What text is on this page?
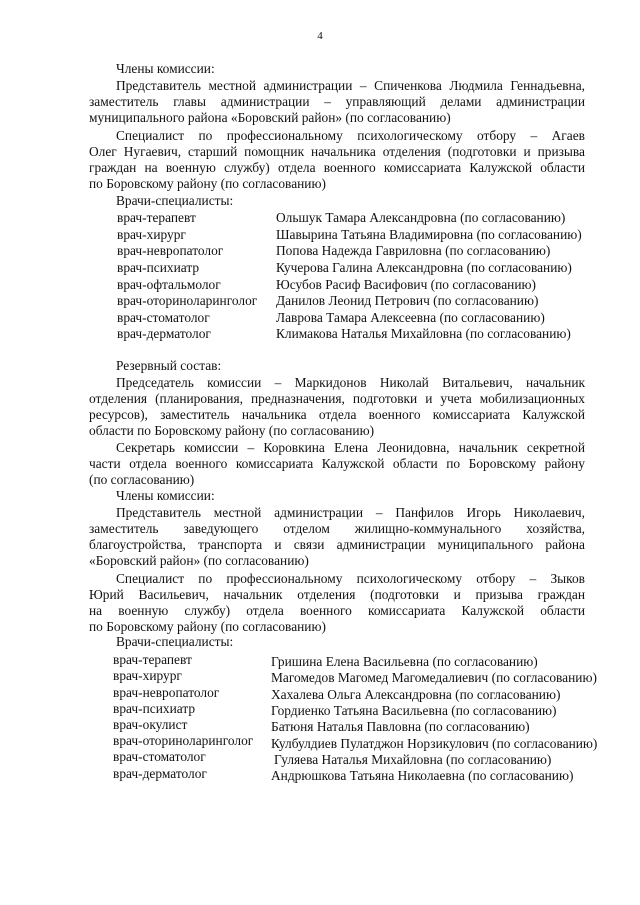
4
Члены комиссии:
Представитель местной администрации – Спиченкова Людмила Геннадьевна,
заместитель главы администрации – управляющий делами администрации
муниципального района «Боровский район» (по согласованию)
Специалист по профессиональному психологическому отбору – Агаев
Олег Нугаевич, старший помощник начальника отделения (подготовки и призыва
граждан на военную службу) отдела военного комиссариата Калужской области
по Боровскому району (по согласованию)
Врачи-специалисты:
врач-терапевт	Ольшук Тамара Александровна (по согласованию)
врач-хирург	Шавырина Татьяна Владимировна (по согласованию)
врач-невропатолог	Попова Надежда Гавриловна (по согласованию)
врач-психиатр	Кучерова Галина Александровна (по согласованию)
врач-офтальмолог	Юсубов Расиф Васифович (по согласованию)
врач-оториноларинголог Данилов Леонид Петрович (по согласованию)
врач-стоматолог	Лаврова Тамара Алексеевна (по согласованию)
врач-дерматолог	Климакова Наталья Михайловна (по согласованию)
Резервный состав:
Председатель комиссии – Маркидонов Николай Витальевич, начальник
отделения (планирования, предназначения, подготовки и учета мобилизационных
ресурсов), заместитель начальника отдела военного комиссариата Калужской
области по Боровскому району (по согласованию)
Секретарь комиссии – Коровкина Елена Леонидовна, начальник секретной
части отдела военного комиссариата Калужской области по Боровскому району
(по согласованию)
Члены комиссии:
Представитель местной администрации – Панфилов Игорь Николаевич,
заместитель заведующего отделом жилищно-коммунального хозяйства,
благоустройства, транспорта и связи администрации муниципального района
«Боровский район» (по согласованию)
Специалист по профессиональному психологическому отбору – Зыков
Юрий Васильевич, начальник отделения (подготовки и призыва граждан
на военную службу) отдела военного комиссариата Калужской области
по Боровскому району (по согласованию)
Врачи-специалисты:
врач-терапевт	Гришина Елена Васильевна (по согласованию)
врач-хирург	Магомедов Магомед Магомедалиевич (по согласованию)
врач-невропатолог	Хахалева Ольга Александровна (по согласованию)
врач-психиатр	Гордиенко Татьяна Васильевна (по согласованию)
врач-окулист	Батюня Наталья Павловна (по согласованию)
врач-оториноларинголог Кулбулдиев Пулатджон Норзикулович (по согласованию)
врач-стоматолог	Гуляева Наталья Михайловна (по согласованию)
врач-дерматолог	Андрюшкова Татьяна Николаевна (по согласованию)
